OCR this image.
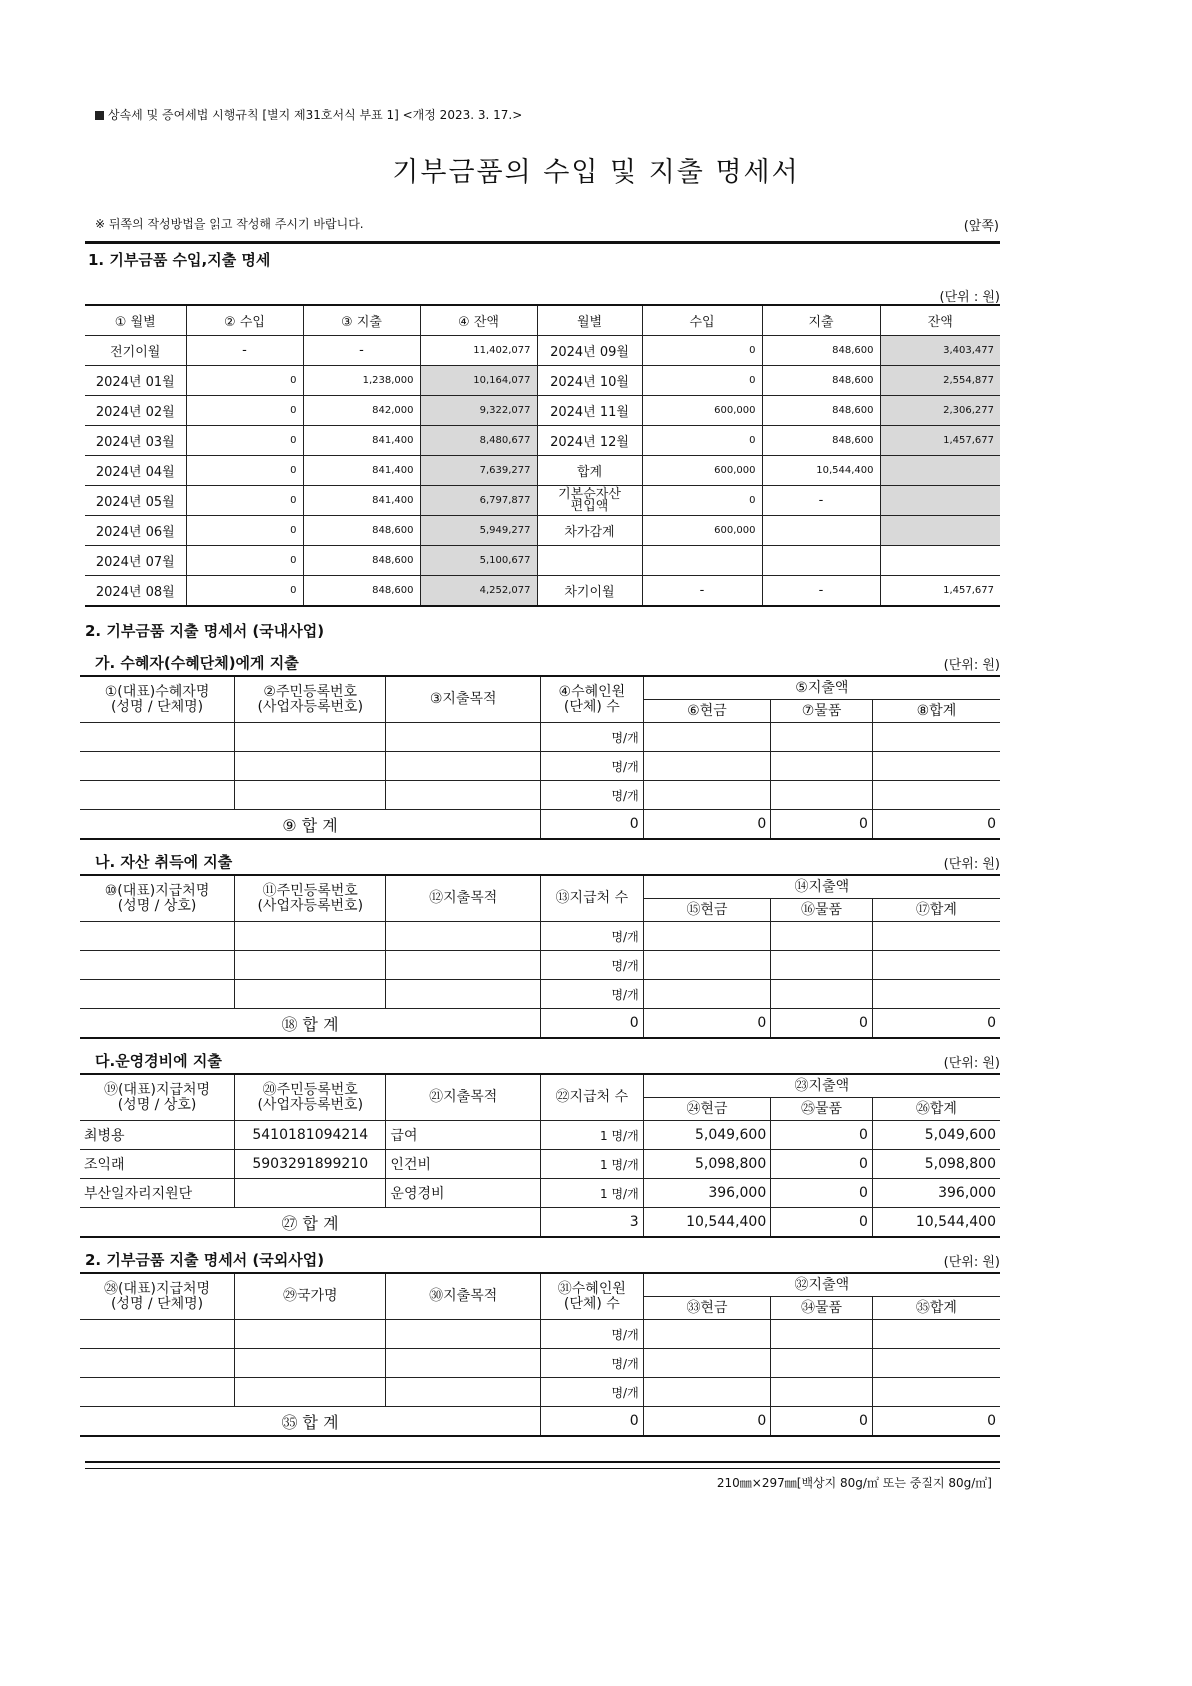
상속세 및 증여세법 시행규칙 [별지 제31호서식 부표 1] <개정 2023. 3. 17.>
기부금품의 수입 및 지출 명세서
※ 뒤쪽의 작성방법을 읽고 작성해 주시기 바랍니다.	(앞쪽)
1. 기부금품 수입,지출 명세
(단위 : 원)
① 월별	② 수입	③ 지출	④ 잔액	월별	수입	지출	잔액
전기이월	-	-	11,402,077	2024년 09월	0	848,600	3,403,477
2024년 01월	0	1,238,000	10,164,077	2024년 10월	0	848,600	2,554,877
2024년 02월	0	842,000	9,322,077	2024년 11월	600,000	848,600	2,306,277
2024년 03월	0	841,400	8,480,677	2024년 12월	0	848,600	1,457,677
2024년 04월	0	841,400	7,639,277	합계	600,000	10,544,400	
2024년 05월	0	841,400	6,797,877	기본순자산
편입액	0	-	
2024년 06월	0	848,600	5,949,277	차가감계	600,000		
2024년 07월	0	848,600	5,100,677				
2024년 08월	0	848,600	4,252,077	차기이월	-	-	1,457,677
2. 기부금품 지출 명세서 (국내사업)
가. 수혜자(수혜단체)에게 지출	(단위: 원)
①(대표)수혜자명
(성명 / 단체명)	②주민등록번호
(사업자등록번호)	③지출목적	④수혜인원
(단체) 수	⑤지출액		
				⑥현금	⑦물품	⑧합계
			명/개			
			명/개			
			명/개			
⑨ 합 계			0	0	0	0
나. 자산 취득에 지출	(단위: 원)
⑩(대표)지급처명
(성명 / 상호)	⑪주민등록번호
(사업자등록번호)	⑫지출목적	⑬지급처 수	⑭지출액		
				⑮현금	⑯물품	⑰합계
			명/개			
			명/개			
			명/개			
⑱ 합 계			0	0	0	0
다.운영경비에 지출	(단위: 원)
⑲(대표)지급처명
(성명 / 상호)	⑳주민등록번호
(사업자등록번호)	㉑지출목적	㉒지급처 수	㉓지출액		
				㉔현금	㉕물품	㉖합계
최병용	5410181094214	급여	1 명/개	5,049,600	0	5,049,600
조익래	5903291899210	인건비	1 명/개	5,098,800	0	5,098,800
부산일자리지원단		운영경비	1 명/개	396,000	0	396,000
㉗ 합 계			3	10,544,400	0	10,544,400
2. 기부금품 지출 명세서 (국외사업)	(단위: 원)
㉘(대표)지급처명
(성명 / 단체명)	㉙국가명	㉚지출목적	㉛수혜인원
(단체) 수	㉜지출액		
				㉝현금	㉞물품	㉟합계
			명/개			
			명/개			
			명/개			
㉟ 합 계			0	0	0	0
210㎜×297㎜[백상지 80g/㎡ 또는 중질지 80g/㎡]
